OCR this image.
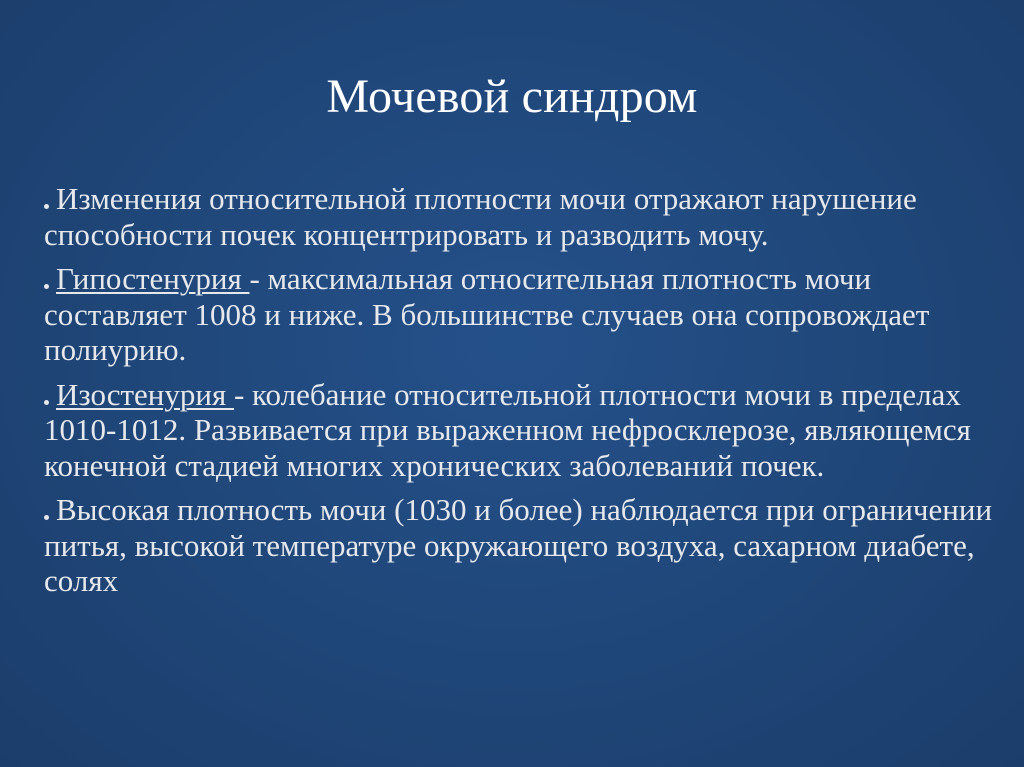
Мочевой синдром
Изменения относительной плотности мочи отражают нарушение способности почек концентрировать и разводить мочу.
Гипостенурия - максимальная относительная плотность мочи составляет 1008 и ниже. В большинстве случаев она сопровождает полиурию.
Изостенурия - колебание относительной плотности мочи в пределах 1010-1012. Развивается при выраженном нефросклерозе, являющемся конечной стадией многих хронических заболеваний почек.
Высокая плотность мочи (1030 и более) наблюдается при ограничении питья, высокой температуре окружающего воздуха, сахарном диабете, солях
